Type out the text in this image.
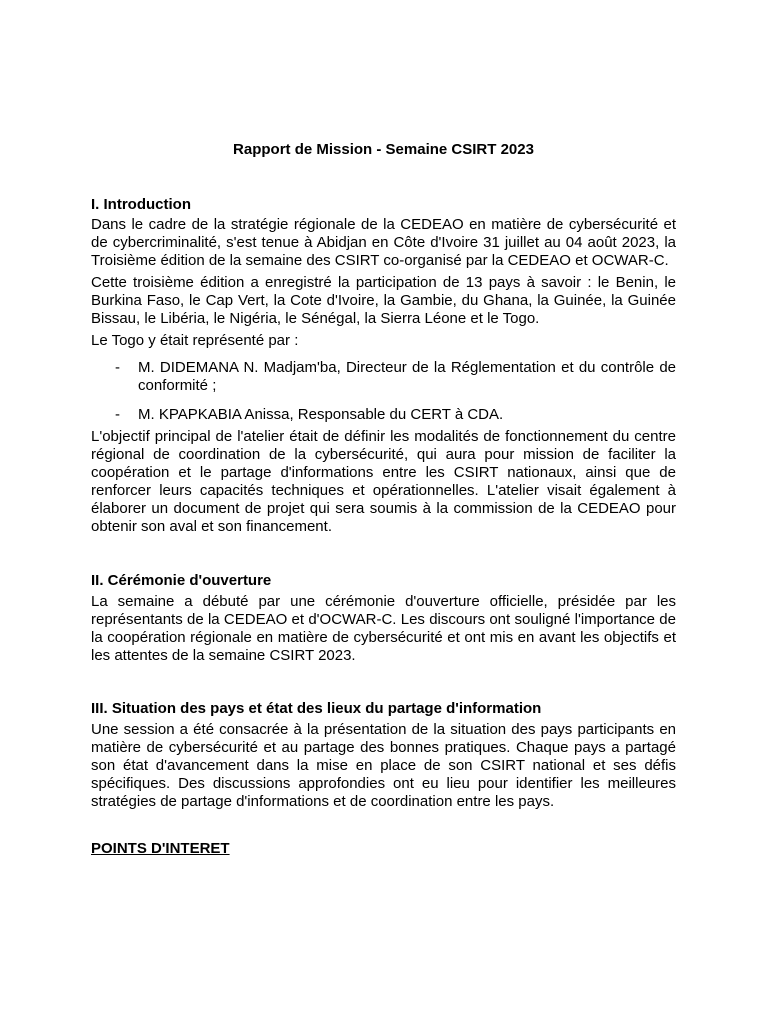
Rapport de Mission - Semaine CSIRT 2023

I. Introduction

Dans le cadre de la stratégie régionale de la CEDEAO en matière de cybersécurité et de cybercriminalité, s'est tenue à Abidjan en Côte d'Ivoire 31 juillet au 04 août 2023, la Troisième édition de la semaine des CSIRT co-organisé par la CEDEAO et OCWAR-C.

Cette troisième édition a enregistré la participation de 13 pays à savoir : le Benin, le Burkina Faso, le Cap Vert, la Cote d'Ivoire, la Gambie, du Ghana, la Guinée, la Guinée Bissau, le Libéria, le Nigéria, le Sénégal, la Sierra Léone et le Togo.

Le Togo y était représenté par :

- M. DIDEMANA N. Madjam'ba, Directeur de la Réglementation et du contrôle de conformité ;
- M. KPAPKABIA Anissa, Responsable du CERT à CDA.

L'objectif principal de l'atelier était de définir les modalités de fonctionnement du centre régional de coordination de la cybersécurité, qui aura pour mission de faciliter la coopération et le partage d'informations entre les CSIRT nationaux, ainsi que de renforcer leurs capacités techniques et opérationnelles. L'atelier visait également à élaborer un document de projet qui sera soumis à la commission de la CEDEAO pour obtenir son aval et son financement.

II. Cérémonie d'ouverture

La semaine a débuté par une cérémonie d'ouverture officielle, présidée par les représentants de la CEDEAO et d'OCWAR-C. Les discours ont souligné l'importance de la coopération régionale en matière de cybersécurité et ont mis en avant les objectifs et les attentes de la semaine CSIRT 2023.

III. Situation des pays et état des lieux du partage d'information

Une session a été consacrée à la présentation de la situation des pays participants en matière de cybersécurité et au partage des bonnes pratiques. Chaque pays a partagé son état d'avancement dans la mise en place de son CSIRT national et ses défis spécifiques. Des discussions approfondies ont eu lieu pour identifier les meilleures stratégies de partage d'informations et de coordination entre les pays.

POINTS D'INTERET
